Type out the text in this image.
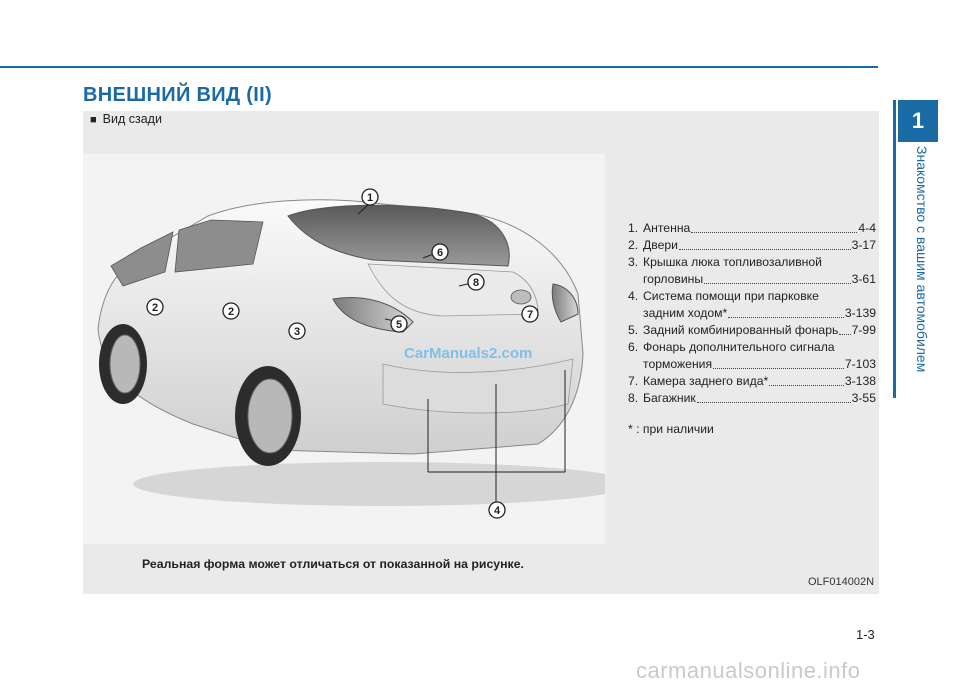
ВНЕШНИЙ ВИД (II)
1
Знакомство с вашим автомобилем
■ Вид сзади
1
2	2
3
4
5
6
7
8
CarManuals2.com
1. Антенна	4-4
2. Двери	3-17
3. Крышка люка топливозаливной
горловины	3-61
4. Система помощи при парковке
задним ходом*	3-139
5. Задний комбинированный фонарь 7-99
6. Фонарь дополнительного сигнала
торможения	7-103
7. Камера заднего вида*	3-138
8. Багажник	3-55
* : при наличии
Реальная форма может отличаться от показанной на рисунке.
OLF014002N
1-3
carmanualsonline.info
